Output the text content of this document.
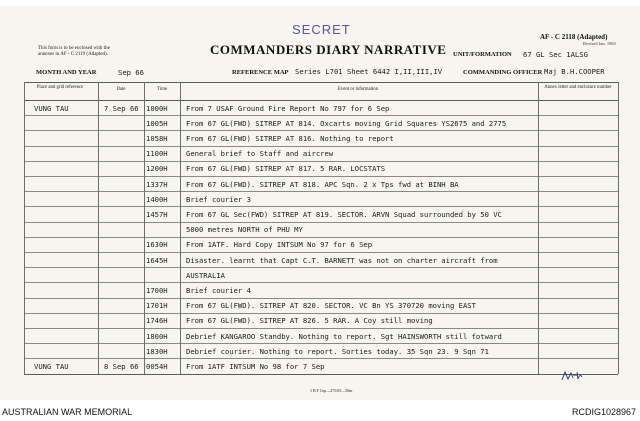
This form is to be enclosed with the
annexes in AF - C 2119 (Adapted).
SECRET
COMMANDERS DIARY NARRATIVE
AF - C 2118 (Adapted)
Revised Jan. 1965
UNIT/FORMATION 67 GL Sec 1ALSG
MONTH AND YEAR	Sep 66	REFERENCE MAP Series L701 Sheet 6442 I,II,III,IV	COMMANDING OFFICER Maj B.H.COOPER
Place and grid reference	Date	Time	Event or information	Annex letter and enclosure number
VUNG TAU	7 Sep 66 1000H	From 7 USAF Ground Fire Report No 797 for 6 Sep
1005H	From 67 GL(FWD) SITREP AT 814. Oxcarts moving Grid Squares YS2675 and 2775
1058H	From 67 GL(FWD) SITREP AT 816. Nothing to report
1100H	General brief to Staff and aircrew
1200H	From 67 GL(FWD) SITREP AT 817. 5 RAR. LOCSTATS
1337H	From 67 GL(FWD). SITREP AT 818. APC Sqn. 2 x Tps fwd at BINH BA
1400H	Brief courier 3
1457H	From 67 GL Sec(FWD) SITREP AT 819. SECTOR. ARVN Squad surrounded by 50 VC
5000 metres NORTH of PHU MY
1630H	From 1ATF. Hard Copy INTSUM No 97 for 6 Sep
1645H	Disaster. learnt that Capt C.T. BARNETT was not on charter aircraft from
AUSTRALIA
1700H	Brief courier 4
1701H	From 67 GL(FWD). SITREP AT 820. SECTOR. VC Bn YS 370720 moving EAST
1746H	From 67 GL(FWD). SITREP AT 826. 5 RAR. A Coy still moving
1800H	Debrief KANGAROO Standby. Nothing to report. Sgt HAINSWORTH still fotward
1830H	Debrief courier. Nothing to report. Sorties today. 35 Sqn 23. 9 Sqn 71
VUNG TAU	8 Sep 66 0054H	From 1ATF INTSUM No 98 for 7 Sep
1 B F Grp—275/65—50m
AUSTRALIAN WAR MEMORIAL	RCDIG1028967
